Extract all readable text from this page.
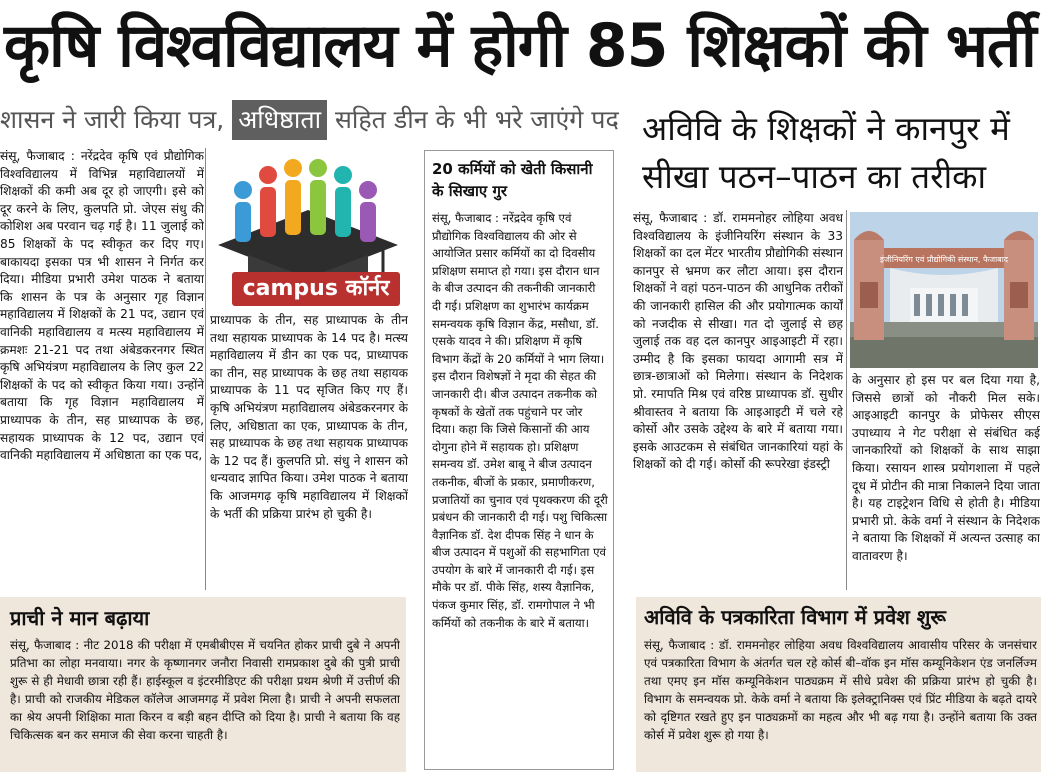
कृषि विश्वविद्यालय में होगी 85 शिक्षकों की भर्ती
शासन ने जारी किया पत्र, अधिष्ठाता सहित डीन के भी भरे जाएंगे पद
संसू, फैजाबाद : नरेंद्रदेव कृषि एवं प्रौद्योगिक विश्वविद्यालय में विभिन्न महाविद्यालयों में शिक्षकों की कमी अब दूर हो जाएगी। इसे को दूर करने के लिए, कुलपति प्रो. जेएस संधु की कोशिश अब परवान चढ़ गई है। 11 जुलाई को 85 शिक्षकों के पद स्वीकृत कर दिए गए। बाकायदा इसका पत्र भी शासन ने निर्गत कर दिया। मीडिया प्रभारी उमेश पाठक ने बताया कि शासन के पत्र के अनुसार गृह विज्ञान महाविद्यालय में शिक्षकों के 21 पद, उद्यान एवं वानिकी महाविद्यालय व मत्स्य महाविद्यालय में क्रमशः 21-21 पद तथा अंबेडकरनगर स्थित कृषि अभियंत्रण महाविद्यालय के लिए कुल 22 शिक्षकों के पद को स्वीकृत किया गया। उन्होंने बताया कि गृह विज्ञान महाविद्यालय में प्राध्यापक के तीन, सह प्राध्यापक के छह, सहायक प्राध्यापक के 12 पद, उद्यान एवं वानिकी महाविद्यालय में अधिष्ठाता का एक पद,
campus कॉर्नर
प्राध्यापक के तीन, सह प्राध्यापक के तीन तथा सहायक प्राध्यापक के 14 पद है। मत्स्य महाविद्यालय में डीन का एक पद, प्राध्यापक का तीन, सह प्राध्यापक के छह तथा सहायक प्राध्यापक के 11 पद सृजित किए गए हैं। कृषि अभियंत्रण महाविद्यालय अंबेडकरनगर के लिए, अधिष्ठाता का एक, प्राध्यापक के तीन, सह प्राध्यापक के छह तथा सहायक प्राध्यापक के 12 पद हैं। कुलपति प्रो. संधु ने शासन को धन्यवाद ज्ञापित किया। उमेश पाठक ने बताया कि आजमगढ़ कृषि महाविद्यालय में शिक्षकों के भर्ती की प्रक्रिया प्रारंभ हो चुकी है।
20 कर्मियों को खेती किसानी के सिखाए गुर
संसू, फैजाबाद : नरेंद्रदेव कृषि एवं प्रौद्योगिक विश्वविद्यालय की ओर से आयोजित प्रसार कर्मियों का दो दिवसीय प्रशिक्षण समाप्त हो गया। इस दौरान धान के बीज उत्पादन की तकनीकी जानकारी दी गई। प्रशिक्षण का शुभारंभ कार्यक्रम समन्वयक कृषि विज्ञान केंद्र, मसौधा, डॉ. एसके यादव ने की। प्रशिक्षण में कृषि विभाग केंद्रों के 20 कर्मियों ने भाग लिया। इस दौरान विशेषज्ञों ने मृदा की सेहत की जानकारी दी। बीज उत्पादन तकनीक को कृषकों के खेतों तक पहुंचाने पर जोर दिया। कहा कि जिसे किसानों की आय दोगुना होने में सहायक हो। प्रशिक्षण समन्वय डॉ. उमेश बाबू ने बीज उत्पादन तकनीक, बीजों के प्रकार, प्रमाणीकरण, प्रजातियों का चुनाव एवं पृथक्करण की दूरी प्रबंधन की जानकारी दी गई। पशु चिकित्सा वैज्ञानिक डॉ. देश दीपक सिंह ने धान के बीज उत्पादन में पशुओं की सहभागिता एवं उपयोग के बारे में जानकारी दी गई। इस मौके पर डॉ. पीके सिंह, शस्य वैज्ञानिक, पंकज कुमार सिंह, डॉ. रामगोपाल ने भी कर्मियों को तकनीक के बारे में बताया।
अविवि के शिक्षकों ने कानपुर में सीखा पठन–पाठन का तरीका
संसू, फैजाबाद : डॉ. राममनोहर लोहिया अवध विश्वविद्यालय के इंजीनियरिंग संस्थान के 33 शिक्षकों का दल मेंटर भारतीय प्रौद्योगिकी संस्थान कानपुर से भ्रमण कर लौटा आया। इस दौरान शिक्षकों ने वहां पठन-पाठन की आधुनिक तरीकों की जानकारी हासिल की और प्रयोगात्मक कार्यों को नजदीक से सीखा। गत दो जुलाई से छह जुलाई तक वह दल कानपुर आइआइटी में रहा। उम्मीद है कि इसका फायदा आगामी सत्र में छात्र-छात्राओं को मिलेगा। संस्थान के निदेशक प्रो. रमापति मिश्र एवं वरिष्ठ प्राध्यापक डॉ. सुधीर श्रीवास्तव ने बताया कि आइआइटी में चले रहे कोर्सो और उसके उद्देश्य के बारे में बताया गया। इसके आउटकम से संबंधित जानकारियां यहां के शिक्षकों को दी गई। कोर्सो की रूपरेखा इंडस्ट्री
इंजीनियरिंग एवं प्रौद्योगिकी संस्थान, फैजाबाद
के अनुसार हो इस पर बल दिया गया है, जिससे छात्रों को नौकरी मिल सके। आइआइटी कानपुर के प्रोफेसर सीएस उपाध्याय ने गेट परीक्षा से संबंधित कई जानकारियों को शिक्षकों के साथ साझा किया। रसायन शास्त्र प्रयोगशाला में पहले दूध में प्रोटीन की मात्रा निकालने दिया जाता है। यह टाइट्रेशन विधि से होती है। मीडिया प्रभारी प्रो. केके वर्मा ने संस्थान के निदेशक ने बताया कि शिक्षकों में अत्यन्त उत्साह का वातावरण है।
प्राची ने मान बढ़ाया
संसू, फैजाबाद : नीट 2018 की परीक्षा में एमबीबीएस में चयनित होकर प्राची दुबे ने अपनी प्रतिभा का लोहा मनवाया। नगर के कृष्णानगर जनौरा निवासी रामप्रकाश दुबे की पुत्री प्राची शुरू से ही मेधावी छात्रा रही हैं। हाईस्कूल व इंटरमीडिएट की परीक्षा प्रथम श्रेणी में उत्तीर्ण की है। प्राची को राजकीय मेडिकल कॉलेज आजमगढ़ में प्रवेश मिला है। प्राची ने अपनी सफलता का श्रेय अपनी शिक्षिका माता किरन व बड़ी बहन दीप्ति को दिया है। प्राची ने बताया कि वह चिकित्सक बन कर समाज की सेवा करना चाहती है।
अविवि के पत्रकारिता विभाग में प्रवेश शुरू
संसू, फैजाबाद : डॉ. राममनोहर लोहिया अवध विश्वविद्यालय आवासीय परिसर के जनसंचार एवं पत्रकारिता विभाग के अंतर्गत चल रहे कोर्स बी–वॉक इन मॉस कम्यूनिकेशन एंड जनर्लिज्म तथा एमए इन मॉस कम्यूनिकेशन पाठ्यक्रम में सीधे प्रवेश की प्रक्रिया प्रारंभ हो चुकी है। विभाग के समन्वयक प्रो. केके वर्मा ने बताया कि इलेक्ट्रानिक्स एवं प्रिंट मीडिया के बढ़ते दायरे को दृष्टिगत रखते हुए इन पाठ्यक्रमों का महत्व और भी बढ़ गया है। उन्होंने बताया कि उक्त कोर्स में प्रवेश शुरू हो गया है।
